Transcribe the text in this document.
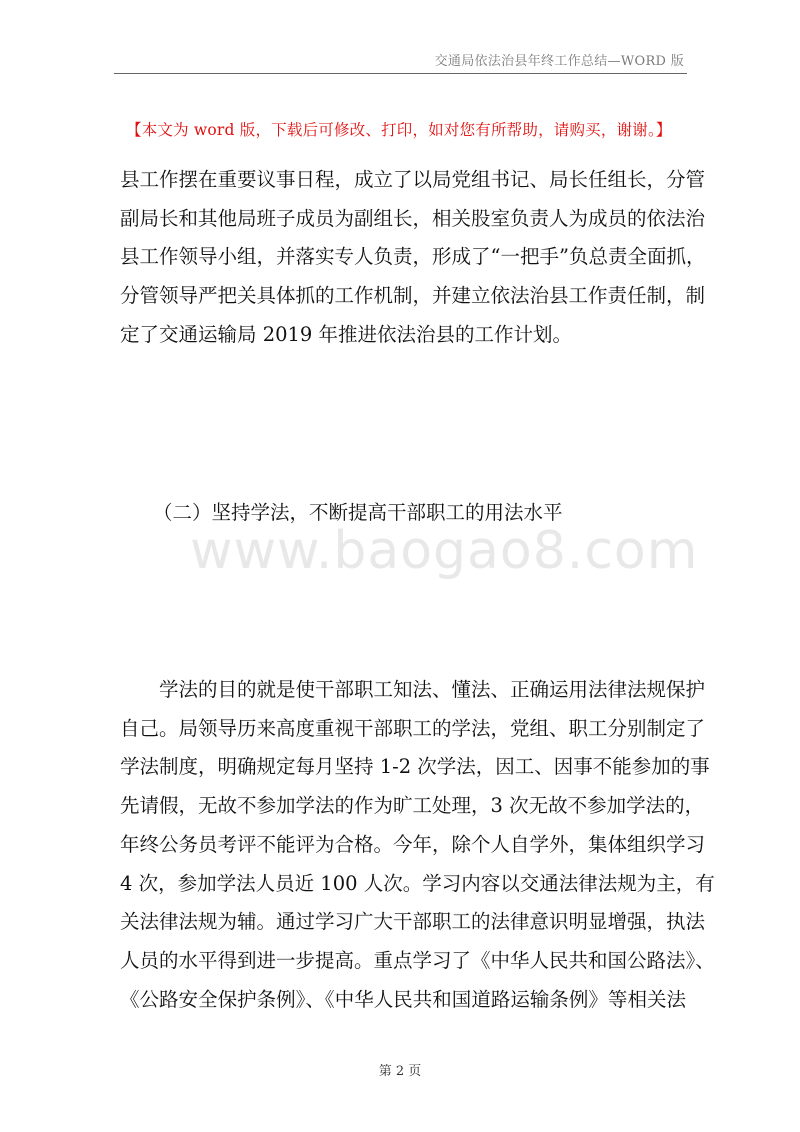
交通局依法治县年终工作总结—WORD 版
【本文为 word 版，下载后可修改、打印，如对您有所帮助，请购买，谢谢。】
县工作摆在重要议事日程，成立了以局党组书记、局长任组长，分管
副局长和其他局班子成员为副组长，相关股室负责人为成员的依法治
县工作领导小组，并落实专人负责，形成了“一把手”负总责全面抓，
分管领导严把关具体抓的工作机制，并建立依法治县工作责任制，制
定了交通运输局 2019 年推进依法治县的工作计划。
（二）坚持学法，不断提高干部职工的用法水平
www.baogao8.com
　　学法的目的就是使干部职工知法、懂法、正确运用法律法规保护
自己。局领导历来高度重视干部职工的学法，党组、职工分别制定了
学法制度，明确规定每月坚持 1-2 次学法，因工、因事不能参加的事
先请假，无故不参加学法的作为旷工处理，3 次无故不参加学法的，
年终公务员考评不能评为合格。今年，除个人自学外，集体组织学习
4 次，参加学法人员近 100 人次。学习内容以交通法律法规为主，有
关法律法规为辅。通过学习广大干部职工的法律意识明显增强，执法
人员的水平得到进一步提高。重点学习了《中华人民共和国公路法》、
《公路安全保护条例》、《中华人民共和国道路运输条例》等相关法
第 2 页
